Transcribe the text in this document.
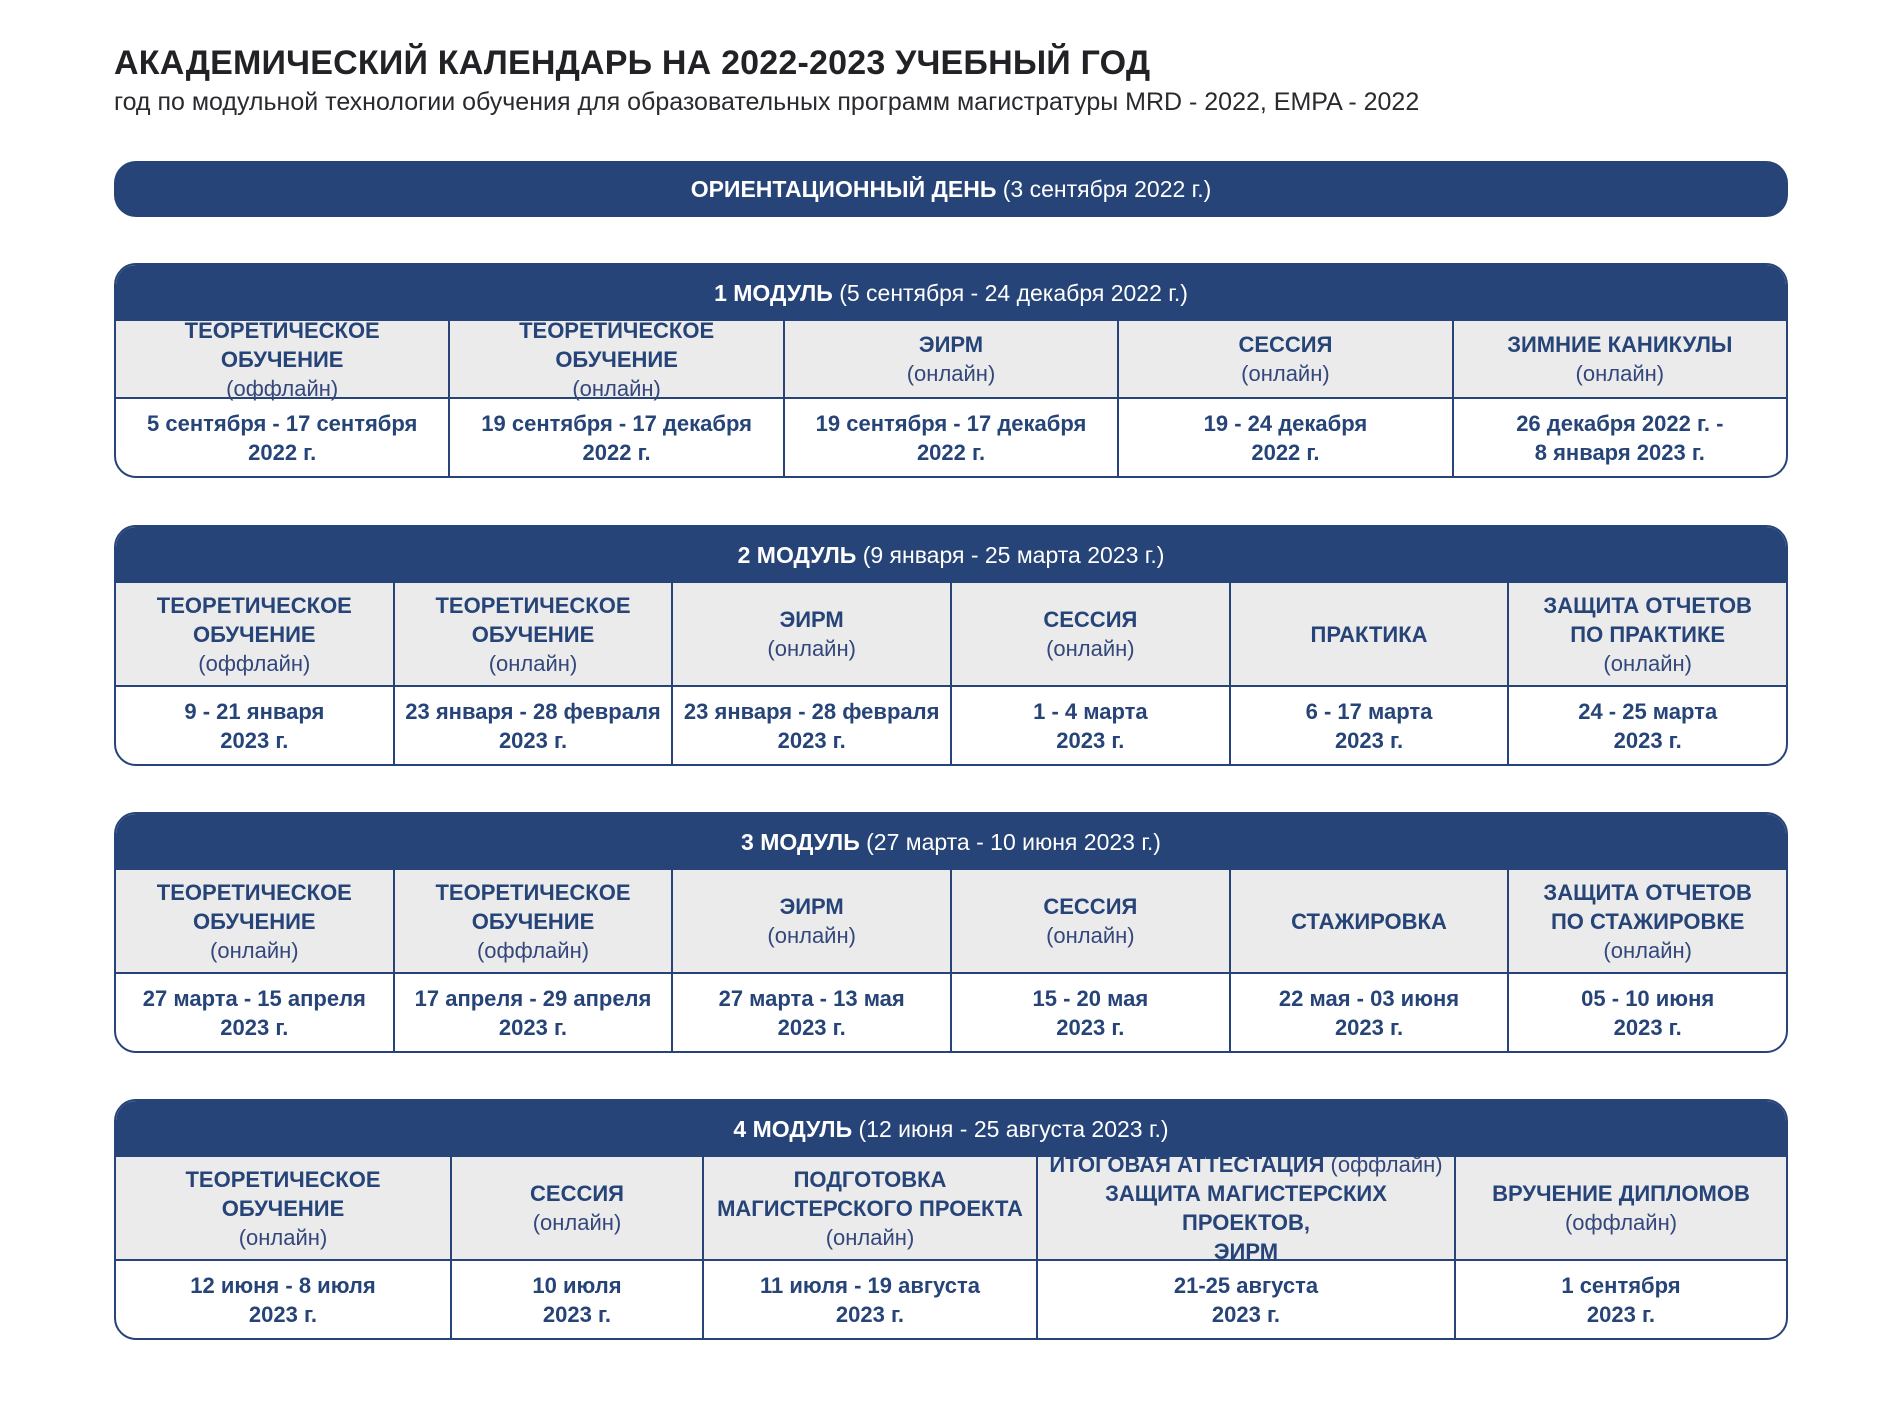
АКАДЕМИЧЕСКИЙ КАЛЕНДАРЬ НА 2022-2023 УЧЕБНЫЙ ГОД
год по модульной технологии обучения для образовательных программ магистратуры MRD - 2022, EMPA - 2022
ОРИЕНТАЦИОННЫЙ ДЕНЬ
(3 сентября 2022 г.)
1 МОДУЛЬ
(5 сентября - 24 декабря 2022 г.)
ТЕОРЕТИЧЕСКОЕ ОБУЧЕНИЕ
(оффлайн)
ТЕОРЕТИЧЕСКОЕ ОБУЧЕНИЕ
(онлайн)
ЭИРМ
(онлайн)
СЕССИЯ
(онлайн)
ЗИМНИЕ КАНИКУЛЫ
(онлайн)
5 сентября - 17 сентября
2022 г.
19 сентября - 17 декабря
2022 г.
19 сентября - 17 декабря
2022 г.
19 - 24 декабря
2022 г.
26 декабря 2022 г. -
8 января 2023 г.
2 МОДУЛЬ
(9 января - 25 марта 2023 г.)
ТЕОРЕТИЧЕСКОЕ
ОБУЧЕНИЕ
(оффлайн)
ТЕОРЕТИЧЕСКОЕ
ОБУЧЕНИЕ
(онлайн)
ЭИРМ
(онлайн)
СЕССИЯ
(онлайн)
ПРАКТИКА
ЗАЩИТА ОТЧЕТОВ
ПО ПРАКТИКЕ
(онлайн)
9 - 21 января
2023 г.
23 января - 28 февраля
2023 г.
23 января - 28 февраля
2023 г.
1 - 4 марта
2023 г.
6 - 17 марта
2023 г.
24 - 25 марта
2023 г.
3 МОДУЛЬ
(27 марта - 10 июня 2023 г.)
ТЕОРЕТИЧЕСКОЕ
ОБУЧЕНИЕ
(онлайн)
ТЕОРЕТИЧЕСКОЕ
ОБУЧЕНИЕ
(оффлайн)
ЭИРМ
(онлайн)
СЕССИЯ
(онлайн)
СТАЖИРОВКА
ЗАЩИТА ОТЧЕТОВ
ПО СТАЖИРОВКЕ
(онлайн)
27 марта - 15 апреля
2023 г.
17 апреля - 29 апреля
2023 г.
27 марта - 13 мая
2023 г.
15 - 20 мая
2023 г.
22 мая - 03 июня
2023 г.
05 - 10 июня
2023 г.
4 МОДУЛЬ
(12 июня - 25 августа 2023 г.)
ТЕОРЕТИЧЕСКОЕ ОБУЧЕНИЕ
(онлайн)
СЕССИЯ
(онлайн)
ПОДГОТОВКА
МАГИСТЕРСКОГО ПРОЕКТА
(онлайн)
ИТОГОВАЯ АТТЕСТАЦИЯ (оффлайн)
ЗАЩИТА МАГИСТЕРСКИХ ПРОЕКТОВ,
ЭИРМ
ВРУЧЕНИЕ ДИПЛОМОВ
(оффлайн)
12 июня - 8 июля
2023 г.
10 июля
2023 г.
11 июля - 19 августа
2023 г.
21-25 августа
2023 г.
1 сентября
2023 г.
